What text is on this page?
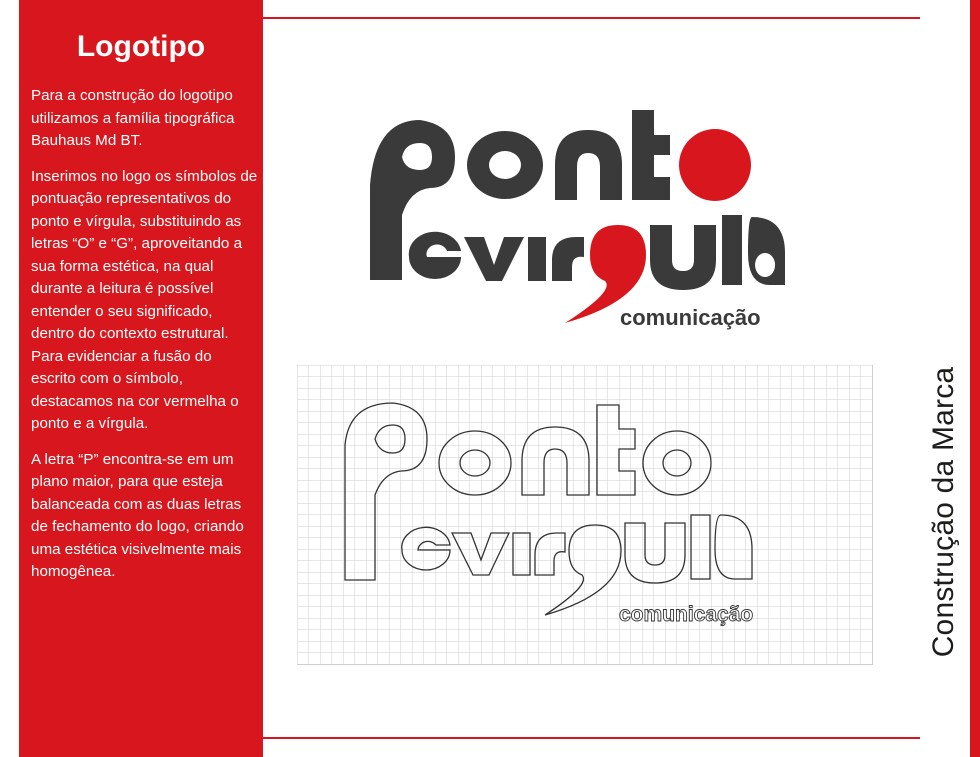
Logotipo

Para a construção do logotipo utilizamos a família tipográfica Bauhaus Md BT.

Inserimos no logo os símbolos de pontuação representativos do ponto e vírgula, substituindo as letras “O” e “G”, aproveitando a sua forma estética, na qual durante a leitura é possível entender o seu significado, dentro do contexto estrutural. Para evidenciar a fusão do escrito com o símbolo, destacamos na cor vermelha o ponto e a vírgula.

A letra “P” encontra-se em um plano maior, para que esteja balanceada com as duas letras de fechamento do logo, criando uma estética visivelmente mais homogênea.	Construção da Marca
comunicação
comunicação
